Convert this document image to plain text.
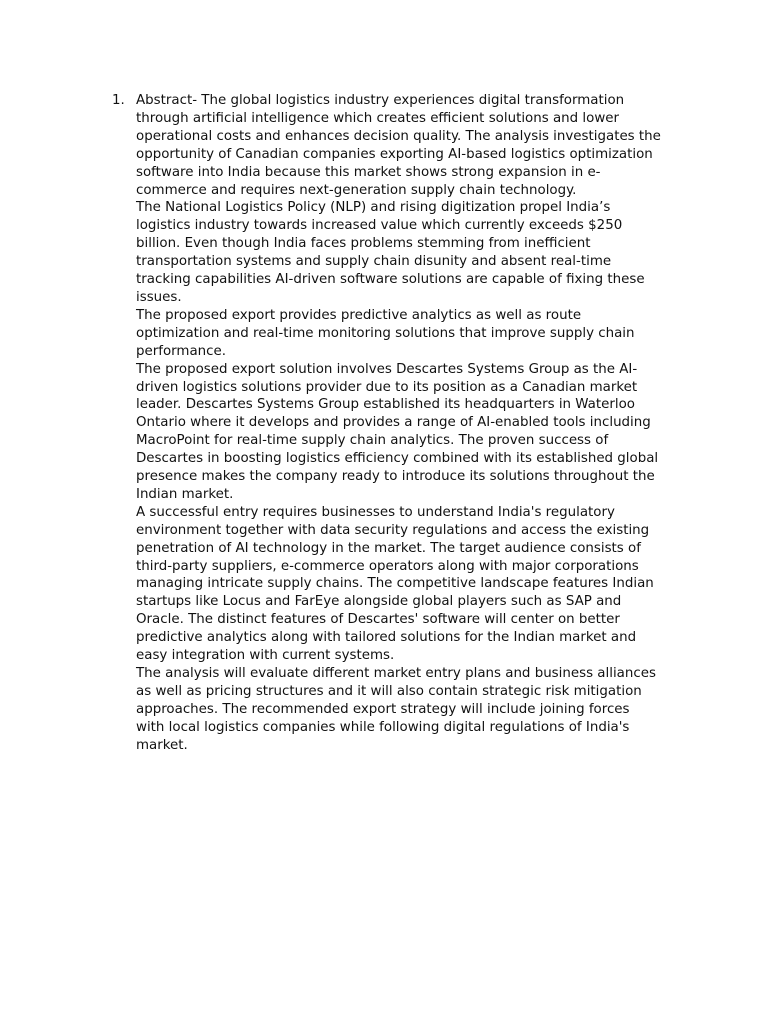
1. Abstract- The global logistics industry experiences digital transformation
through artificial intelligence which creates efficient solutions and lower
operational costs and enhances decision quality. The analysis investigates the
opportunity of Canadian companies exporting AI-based logistics optimization
software into India because this market shows strong expansion in e-
commerce and requires next-generation supply chain technology.

The National Logistics Policy (NLP) and rising digitization propel India’s
logistics industry towards increased value which currently exceeds $250
billion. Even though India faces problems stemming from inefficient
transportation systems and supply chain disunity and absent real-time
tracking capabilities AI-driven software solutions are capable of fixing these
issues.

The proposed export provides predictive analytics as well as route
optimization and real-time monitoring solutions that improve supply chain
performance.

The proposed export solution involves Descartes Systems Group as the AI-
driven logistics solutions provider due to its position as a Canadian market
leader. Descartes Systems Group established its headquarters in Waterloo
Ontario where it develops and provides a range of AI-enabled tools including
MacroPoint for real-time supply chain analytics. The proven success of
Descartes in boosting logistics efficiency combined with its established global
presence makes the company ready to introduce its solutions throughout the
Indian market.

A successful entry requires businesses to understand India's regulatory
environment together with data security regulations and access the existing
penetration of AI technology in the market. The target audience consists of
third-party suppliers, e-commerce operators along with major corporations
managing intricate supply chains. The competitive landscape features Indian
startups like Locus and FarEye alongside global players such as SAP and
Oracle. The distinct features of Descartes' software will center on better
predictive analytics along with tailored solutions for the Indian market and
easy integration with current systems.

The analysis will evaluate different market entry plans and business alliances
as well as pricing structures and it will also contain strategic risk mitigation
approaches. The recommended export strategy will include joining forces
with local logistics companies while following digital regulations of India's
market.
